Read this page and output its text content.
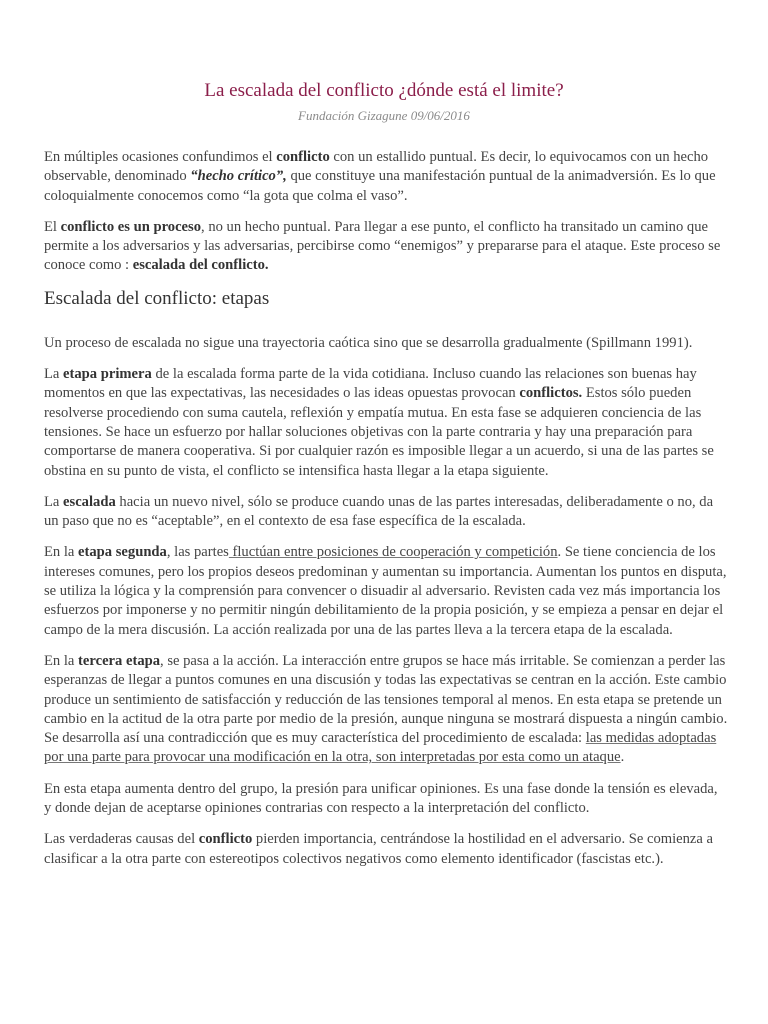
La escalada del conflicto ¿dónde está el limite?
Fundación Gizagune 09/06/2016

En múltiples ocasiones confundimos el conflicto con un estallido puntual. Es decir, lo equivocamos con un hecho observable, denominado “hecho crítico”, que constituye una manifestación puntual de la animadversión. Es lo que coloquialmente conocemos como “la gota que colma el vaso”.

El conflicto es un proceso, no un hecho puntual. Para llegar a ese punto, el conflicto ha transitado un camino que permite a los adversarios y las adversarias, percibirse como “enemigos” y prepararse para el ataque. Este proceso se conoce como : escalada del conflicto.

Escalada del conflicto: etapas

Un proceso de escalada no sigue una trayectoria caótica sino que se desarrolla gradualmente (Spillmann 1991).

La etapa primera de la escalada forma parte de la vida cotidiana. Incluso cuando las relaciones son buenas hay momentos en que las expectativas, las necesidades o las ideas opuestas provocan conflictos. Estos sólo pueden resolverse procediendo con suma cautela, reflexión y empatía mutua. En esta fase se adquieren conciencia de las tensiones. Se hace un esfuerzo por hallar soluciones objetivas con la parte contraria y hay una preparación para comportarse de manera cooperativa. Si por cualquier razón es imposible llegar a un acuerdo, si una de las partes se obstina en su punto de vista, el conflicto se intensifica hasta llegar a la etapa siguiente.

La escalada hacia un nuevo nivel, sólo se produce cuando unas de las partes interesadas, deliberadamente o no, da un paso que no es “aceptable”, en el contexto de esa fase específica de la escalada.

En la etapa segunda, las partes fluctúan entre posiciones de cooperación y competición. Se tiene conciencia de los intereses comunes, pero los propios deseos predominan y aumentan su importancia. Aumentan los puntos en disputa, se utiliza la lógica y la comprensión para convencer o disuadir al adversario. Revisten cada vez más importancia los esfuerzos por imponerse y no permitir ningún debilitamiento de la propia posición, y se empieza a pensar en dejar el campo de la mera discusión. La acción realizada por una de las partes lleva a la tercera etapa de la escalada.

En la tercera etapa, se pasa a la acción. La interacción entre grupos se hace más irritable. Se comienzan a perder las esperanzas de llegar a puntos comunes en una discusión y todas las expectativas se centran en la acción. Este cambio produce un sentimiento de satisfacción y reducción de las tensiones temporal al menos. En esta etapa se pretende un cambio en la actitud de la otra parte por medio de la presión, aunque ninguna se mostrará dispuesta a ningún cambio. Se desarrolla así una contradicción que es muy característica del procedimiento de escalada: las medidas adoptadas por una parte para provocar una modificación en la otra, son interpretadas por esta como un ataque.

En esta etapa aumenta dentro del grupo, la presión para unificar opiniones. Es una fase donde la tensión es elevada, y donde dejan de aceptarse opiniones contrarias con respecto a la interpretación del conflicto.

Las verdaderas causas del conflicto pierden importancia, centrándose la hostilidad en el adversario. Se comienza a clasificar a la otra parte con estereotipos colectivos negativos como elemento identificador (fascistas etc.).
